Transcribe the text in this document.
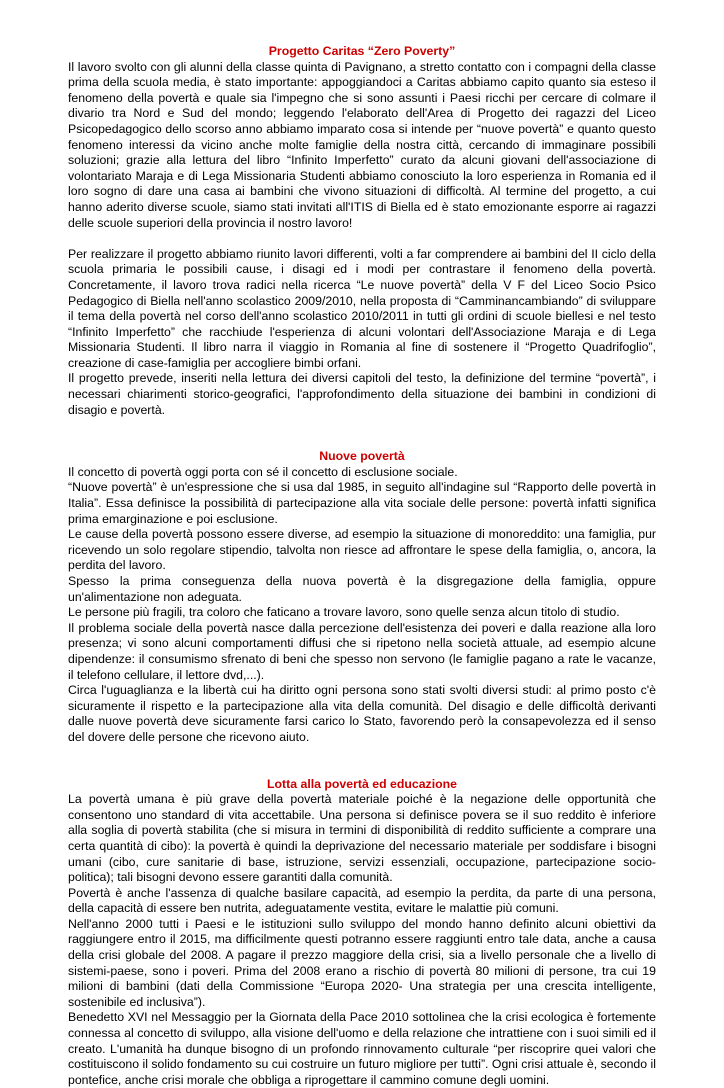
Progetto Caritas “Zero Poverty”

Il lavoro svolto con gli alunni della classe quinta di Pavignano, a stretto contatto con i compagni della classe prima della scuola media, è stato importante: appoggiandoci a Caritas abbiamo capito quanto sia esteso il fenomeno della povertà e quale sia l'impegno che si sono assunti i Paesi ricchi per cercare di colmare il divario tra Nord e Sud del mondo; leggendo l'elaborato dell'Area di Progetto dei ragazzi del Liceo Psicopedagogico dello scorso anno abbiamo imparato cosa si intende per “nuove povertà” e quanto questo fenomeno interessi da vicino anche molte famiglie della nostra città, cercando di immaginare possibili soluzioni; grazie alla lettura del libro “Infinito Imperfetto” curato da alcuni giovani dell'associazione di volontariato Maraja e di Lega Missionaria Studenti abbiamo conosciuto la loro esperienza in Romania ed il loro sogno di dare una casa ai bambini che vivono situazioni di difficoltà. Al termine del progetto, a cui hanno aderito diverse scuole, siamo stati invitati all'ITIS di Biella ed è stato emozionante esporre ai ragazzi delle scuole superiori della provincia il nostro lavoro!

Per realizzare il progetto abbiamo riunito lavori differenti, volti a far comprendere ai bambini del II ciclo della scuola primaria le possibili cause, i disagi ed i modi per contrastare il fenomeno della povertà. Concretamente, il lavoro trova radici nella ricerca “Le nuove povertà” della V F del Liceo Socio Psico Pedagogico di Biella nell'anno scolastico 2009/2010, nella proposta di “Camminancambiando” di sviluppare il tema della povertà nel corso dell'anno scolastico 2010/2011 in tutti gli ordini di scuole biellesi e nel testo “Infinito Imperfetto” che racchiude l'esperienza di alcuni volontari dell'Associazione Maraja e di Lega Missionaria Studenti. Il libro narra il viaggio in Romania al fine di sostenere il “Progetto Quadrifoglio”, creazione di case-famiglia per accogliere bimbi orfani.

Il progetto prevede, inseriti nella lettura dei diversi capitoli del testo, la definizione del termine “povertà”, i necessari chiarimenti storico-geografici, l'approfondimento della situazione dei bambini in condizioni di disagio e povertà.

Nuove povertà

Il concetto di povertà oggi porta con sé il concetto di esclusione sociale.

“Nuove povertà” è un'espressione che si usa dal 1985, in seguito all'indagine sul “Rapporto delle povertà in Italia”. Essa definisce la possibilità di partecipazione alla vita sociale delle persone: povertà infatti significa prima emarginazione e poi esclusione.

Le cause della povertà possono essere diverse, ad esempio la situazione di monoreddito: una famiglia, pur ricevendo un solo regolare stipendio, talvolta non riesce ad affrontare le spese della famiglia, o, ancora, la perdita del lavoro.

Spesso la prima conseguenza della nuova povertà è la disgregazione della famiglia, oppure un'alimentazione non adeguata.

Le persone più fragili, tra coloro che faticano a trovare lavoro, sono quelle senza alcun titolo di studio.

Il problema sociale della povertà nasce dalla percezione dell'esistenza dei poveri e dalla reazione alla loro presenza; vi sono alcuni comportamenti diffusi che si ripetono nella società attuale, ad esempio alcune dipendenze: il consumismo sfrenato di beni che spesso non servono (le famiglie pagano a rate le vacanze, il telefono cellulare, il lettore dvd,...).

Circa l'uguaglianza e la libertà cui ha diritto ogni persona sono stati svolti diversi studi: al primo posto c'è sicuramente il rispetto e la partecipazione alla vita della comunità. Del disagio e delle difficoltà derivanti dalle nuove povertà deve sicuramente farsi carico lo Stato, favorendo però la consapevolezza ed il senso del dovere delle persone che ricevono aiuto.

Lotta alla povertà ed educazione

La povertà umana è più grave della povertà materiale poiché è la negazione delle opportunità che consentono uno standard di vita accettabile. Una persona si definisce povera se il suo reddito è inferiore alla soglia di povertà stabilita (che si misura in termini di disponibilità di reddito sufficiente a comprare una certa quantità di cibo): la povertà è quindi la deprivazione del necessario materiale per soddisfare i bisogni umani (cibo, cure sanitarie di base, istruzione, servizi essenziali, occupazione, partecipazione socio-politica); tali bisogni devono essere garantiti dalla comunità.

Povertà è anche l'assenza di qualche basilare capacità, ad esempio la perdita, da parte di una persona, della capacità di essere ben nutrita, adeguatamente vestita, evitare le malattie più comuni.

Nell'anno 2000 tutti i Paesi e le istituzioni sullo sviluppo del mondo hanno definito alcuni obiettivi da raggiungere entro il 2015, ma difficilmente questi potranno essere raggiunti entro tale data, anche a causa della crisi globale del 2008. A pagare il prezzo maggiore della crisi, sia a livello personale che a livello di sistemi-paese, sono i poveri. Prima del 2008 erano a rischio di povertà 80 milioni di persone, tra cui 19 milioni di bambini (dati della Commissione “Europa 2020- Una strategia per una crescita intelligente, sostenibile ed inclusiva”).

Benedetto XVI nel Messaggio per la Giornata della Pace 2010 sottolinea che la crisi ecologica è fortemente connessa al concetto di sviluppo, alla visione dell'uomo e della relazione che intrattiene con i suoi simili ed il creato. L'umanità ha dunque bisogno di un profondo rinnovamento culturale “per riscoprire quei valori che costituiscono il solido fondamento su cui costruire un futuro migliore per tutti”. Ogni crisi attuale è, secondo il pontefice, anche crisi morale che obbliga a riprogettare il cammino comune degli uomini.
